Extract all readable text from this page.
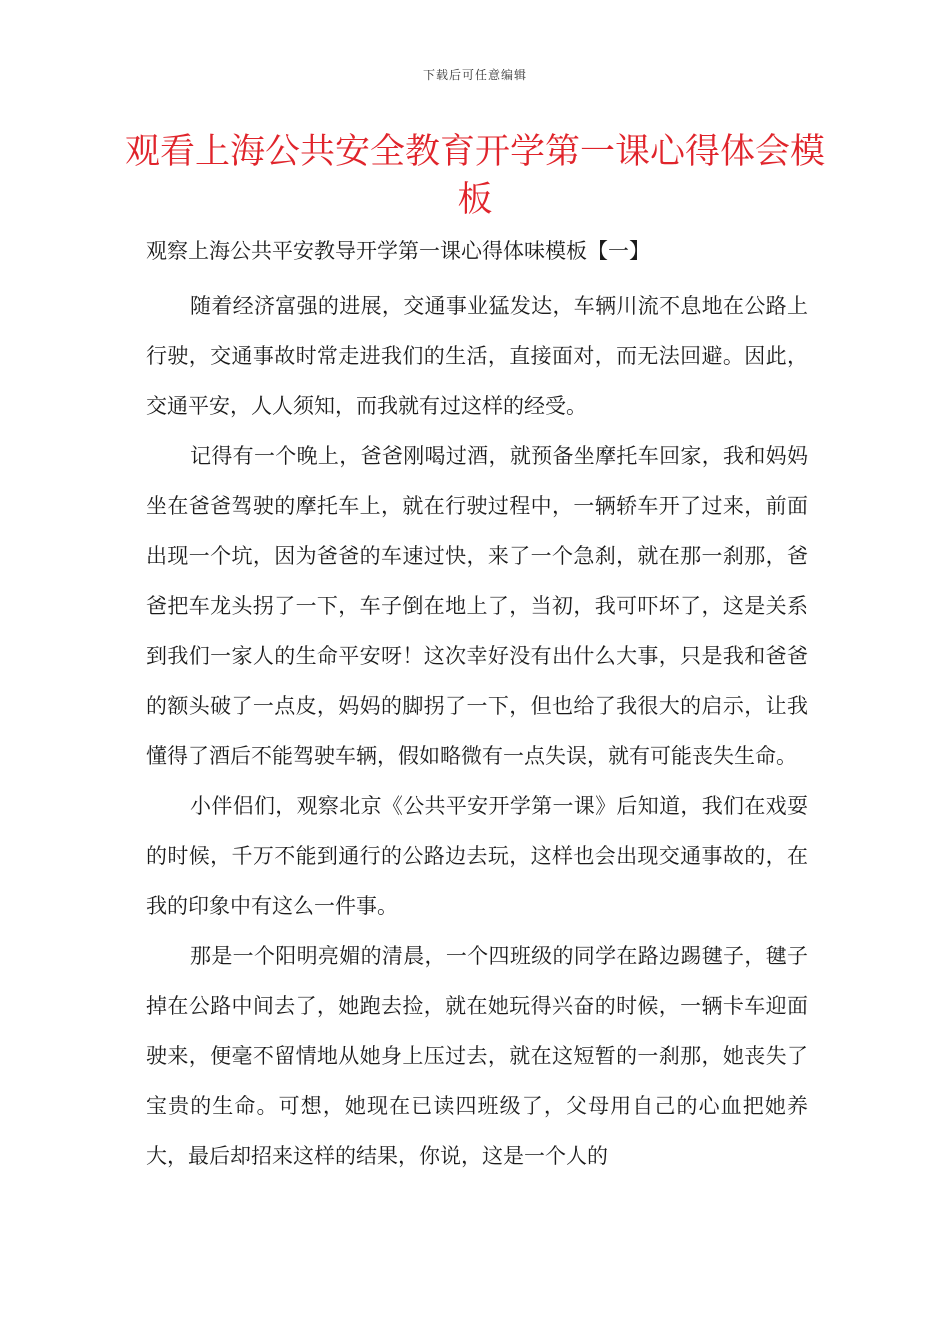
下载后可任意编辑
观看上海公共安全教育开学第一课心得体会模板

观察上海公共平安教导开学第一课心得体味模板【一】

随着经济富强的进展，交通事业猛发达，车辆川流不息地在公路上行驶，交通事故时常走进我们的生活，直接面对，而无法回避。因此，交通平安，人人须知，而我就有过这样的经受。

记得有一个晚上，爸爸刚喝过酒，就预备坐摩托车回家，我和妈妈坐在爸爸驾驶的摩托车上，就在行驶过程中，一辆轿车开了过来，前面出现一个坑，因为爸爸的车速过快，来了一个急刹，就在那一刹那，爸爸把车龙头拐了一下，车子倒在地上了，当初，我可吓坏了，这是关系到我们一家人的生命平安呀！这次幸好没有出什么大事，只是我和爸爸的额头破了一点皮，妈妈的脚拐了一下，但也给了我很大的启示，让我懂得了酒后不能驾驶车辆，假如略微有一点失误，就有可能丧失生命。

小伴侣们，观察北京《公共平安开学第一课》后知道，我们在戏耍的时候，千万不能到通行的公路边去玩，这样也会出现交通事故的，在我的印象中有这么一件事。

那是一个阳明亮媚的清晨，一个四班级的同学在路边踢毽子，毽子掉在公路中间去了，她跑去捡，就在她玩得兴奋的时候，一辆卡车迎面驶来，便毫不留情地从她身上压过去，就在这短暂的一刹那，她丧失了宝贵的生命。可想，她现在已读四班级了，父母用自己的心血把她养大，最后却招来这样的结果，你说，这是一个人的
